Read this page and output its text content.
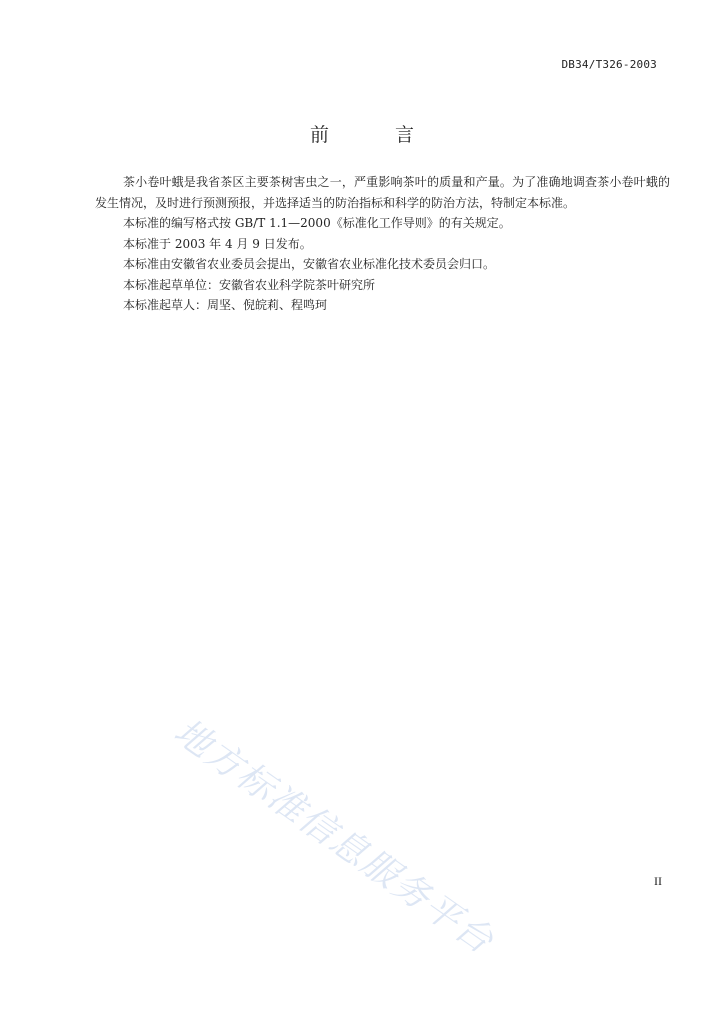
DB34/T326-2003
前	言

茶小卷叶蛾是我省茶区主要茶树害虫之一，严重影响茶叶的质量和产量。为了准确地调查茶小卷叶蛾的发生情况，及时进行预测预报，并选择适当的防治指标和科学的防治方法，特制定本标准。

本标准的编写格式按 GB/T 1.1—2000《标准化工作导则》的有关规定。

本标准于 2003 年 4 月 9 日发布。

本标准由安徽省农业委员会提出，安徽省农业标准化技术委员会归口。

本标准起草单位：安徽省农业科学院茶叶研究所

本标准起草人：周坚、倪皖莉、程鸣珂

地方标准信息服务平台	II
